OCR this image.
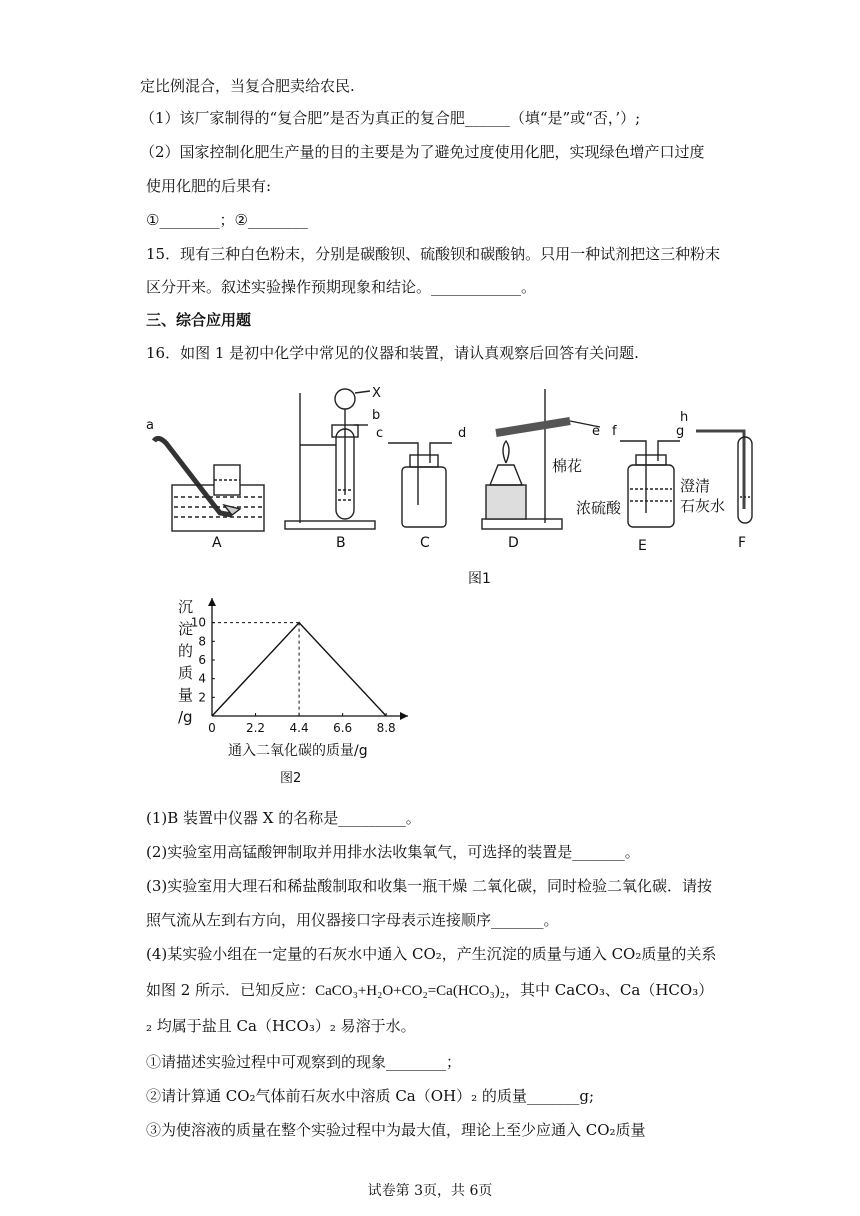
定比例混合，当复合肥卖给农民.
（1）该厂家制得的“复合肥”是否为真正的复合肥______（填“是”或“否，’）;
（2）国家控制化肥生产量的目的主要是为了避免过度使用化肥，实现绿色增产口过度
使用化肥的后果有:
①________；②________
15．现有三种白色粉末，分别是碳酸钡、硫酸钡和碳酸钠。只用一种试剂把这三种粉末
区分开来。叙述实验操作预期现象和结论。____________。
三、综合应用题
16．如图 1 是初中化学中常见的仪器和装置，请认真观察后回答有关问题.
a
A
X
b
B
c	d
C
e
棉花
D
f	g
浓硫酸
E
h
澄清
石灰水
F
图1
沉
淀
的
质
量
/g
0	2.2 4.4 6.6 8.8
2
4
6
8
10
通入二氧化碳的质量/g
图2
(1)B 装置中仪器 X 的名称是_________。
(2)实验室用高锰酸钾制取并用排水法收集氧气，可选择的装置是_______。
(3)实验室用大理石和稀盐酸制取和收集一瓶干燥 二氧化碳，同时检验二氧化碳．请按
照气流从左到右方向，用仪器接口字母表示连接顺序_______。
(4)某实验小组在一定量的石灰水中通入 CO₂，产生沉淀的质量与通入 CO₂质量的关系
如图 2 所示．已知反应：CaCO₃+H₂O+CO₂=Ca(HCO₃)₂，其中 CaCO₃、Ca（HCO₃）
₂ 均属于盐且 Ca（HCO₃）₂ 易溶于水。
①请描述实验过程中可观察到的现象________；
②请计算通 CO₂气体前石灰水中溶质 Ca（OH）₂ 的质量_______g;
③为使溶液的质量在整个实验过程中为最大值，理论上至少应通入 CO₂质量
试卷第 3页，共 6页
